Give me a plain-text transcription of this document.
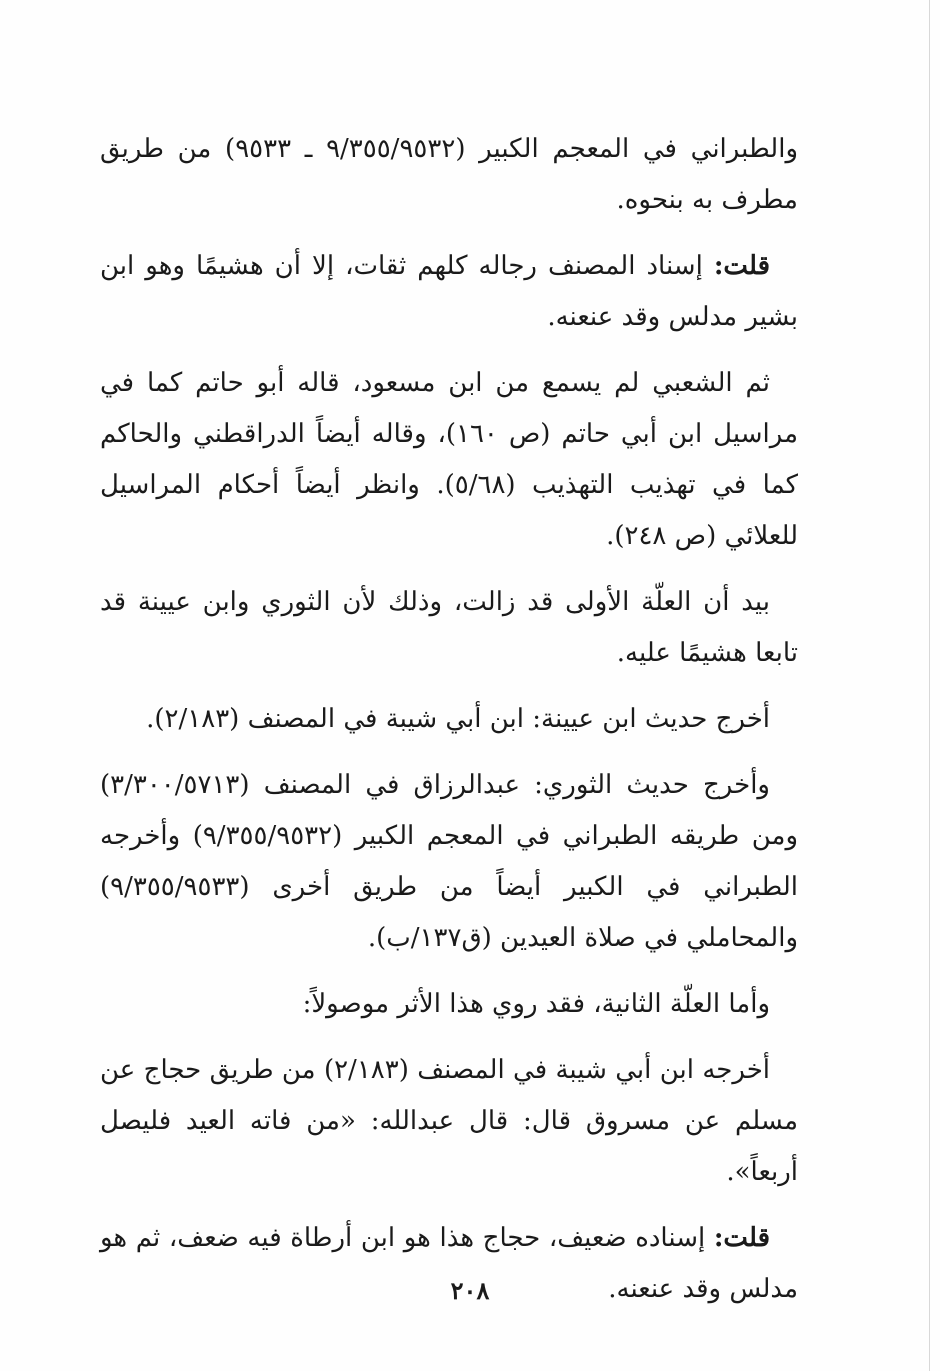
والطبراني في المعجم الكبير (٩/٣٥٥/٩٥٣٢ ـ ٩٥٣٣) من طريق مطرف به بنحوه.

قلت: إسناد المصنف رجاله كلهم ثقات، إلا أن هشيمًا وهو ابن بشير مدلس وقد عنعنه.

ثم الشعبي لم يسمع من ابن مسعود، قاله أبو حاتم كما في مراسيل ابن أبي حاتم (ص ١٦٠)، وقاله أيضاً الدراقطني والحاكم كما في تهذيب التهذيب (٥/٦٨). وانظر أيضاً أحكام المراسيل للعلائي (ص ٢٤٨).

بيد أن العلّة الأولى قد زالت، وذلك لأن الثوري وابن عيينة قد تابعا هشيمًا عليه.

أخرج حديث ابن عيينة: ابن أبي شيبة في المصنف (٢/١٨٣).

وأخرج حديث الثوري: عبدالرزاق في المصنف (٣/٣٠٠/٥٧١٣) ومن طريقه الطبراني في المعجم الكبير (٩/٣٥٥/٩٥٣٢) وأخرجه الطبراني في الكبير أيضاً من طريق أخرى (٩/٣٥٥/٩٥٣٣) والمحاملي في صلاة العيدين (ق١٣٧/ب).

وأما العلّة الثانية، فقد روي هذا الأثر موصولاً:

أخرجه ابن أبي شيبة في المصنف (٢/١٨٣) من طريق حجاج عن مسلم عن مسروق قال: قال عبدالله: «من فاته العيد فليصل أربعاً».

قلت: إسناده ضعيف، حجاج هذا هو ابن أرطاة فيه ضعف، ثم هو مدلس وقد عنعنه.

٢٠٨
